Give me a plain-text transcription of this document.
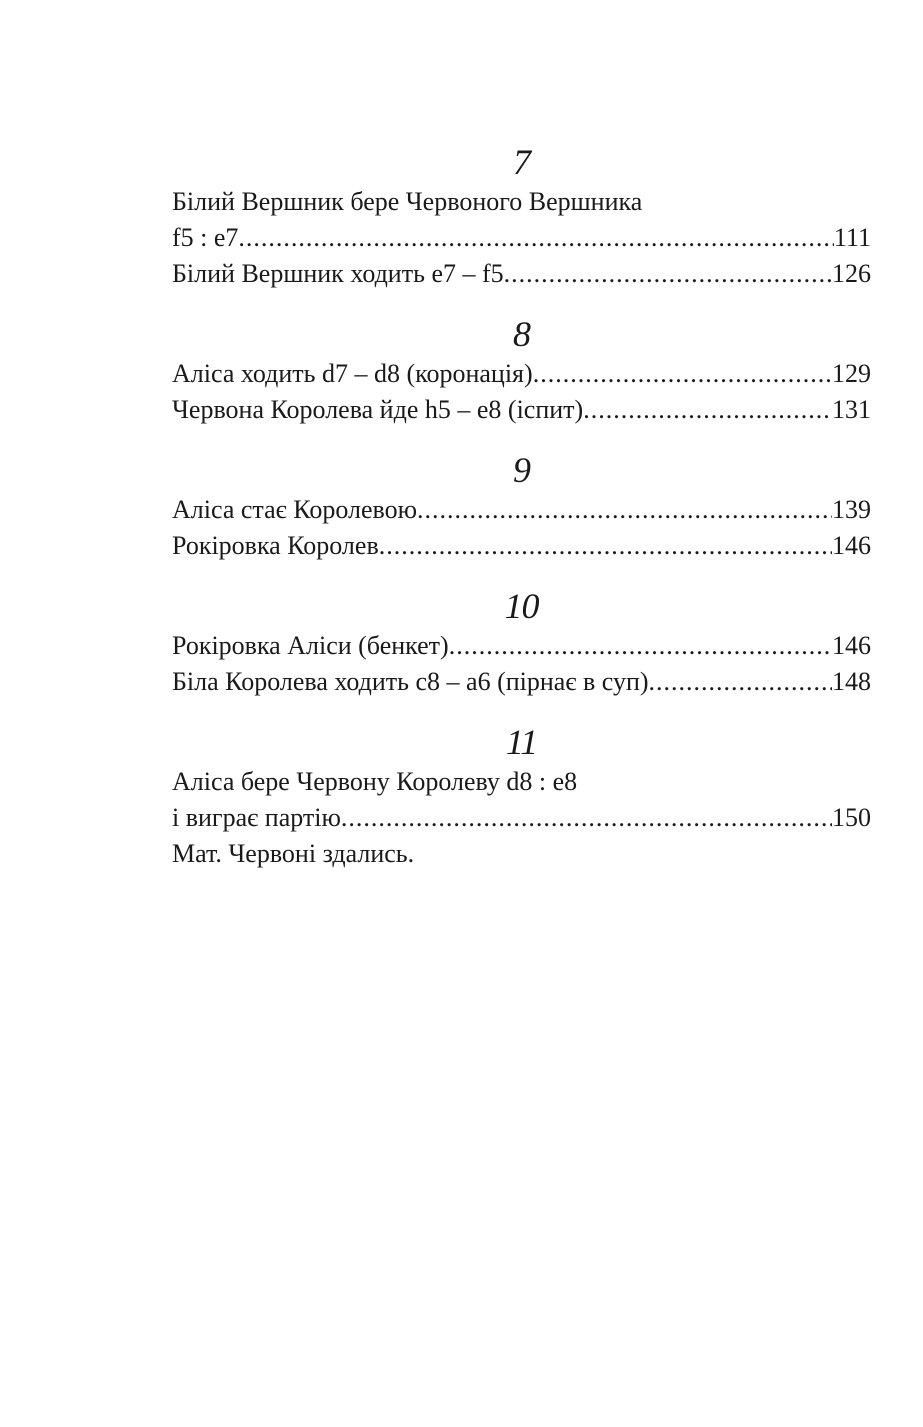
7
Білий Вершник бере Червоного Вершника
f5 : e7 .....	111
Білий Вершник ходить e7 – f5 .....	126
8
Аліса ходить d7 – d8 (коронація) .....	129
Червона Королева йде h5 – e8 (іспит) .....	131
9
Аліса стає Королевою .....	139
Рокіровка Королев .....	146
10
Рокіровка Аліси (бенкет) .....	146
Біла Королева ходить c8 – a6 (пірнає в суп) .....	148
11
Аліса бере Червону Королеву d8 : e8
і виграє партію .....	150
Мат. Червоні здались.
